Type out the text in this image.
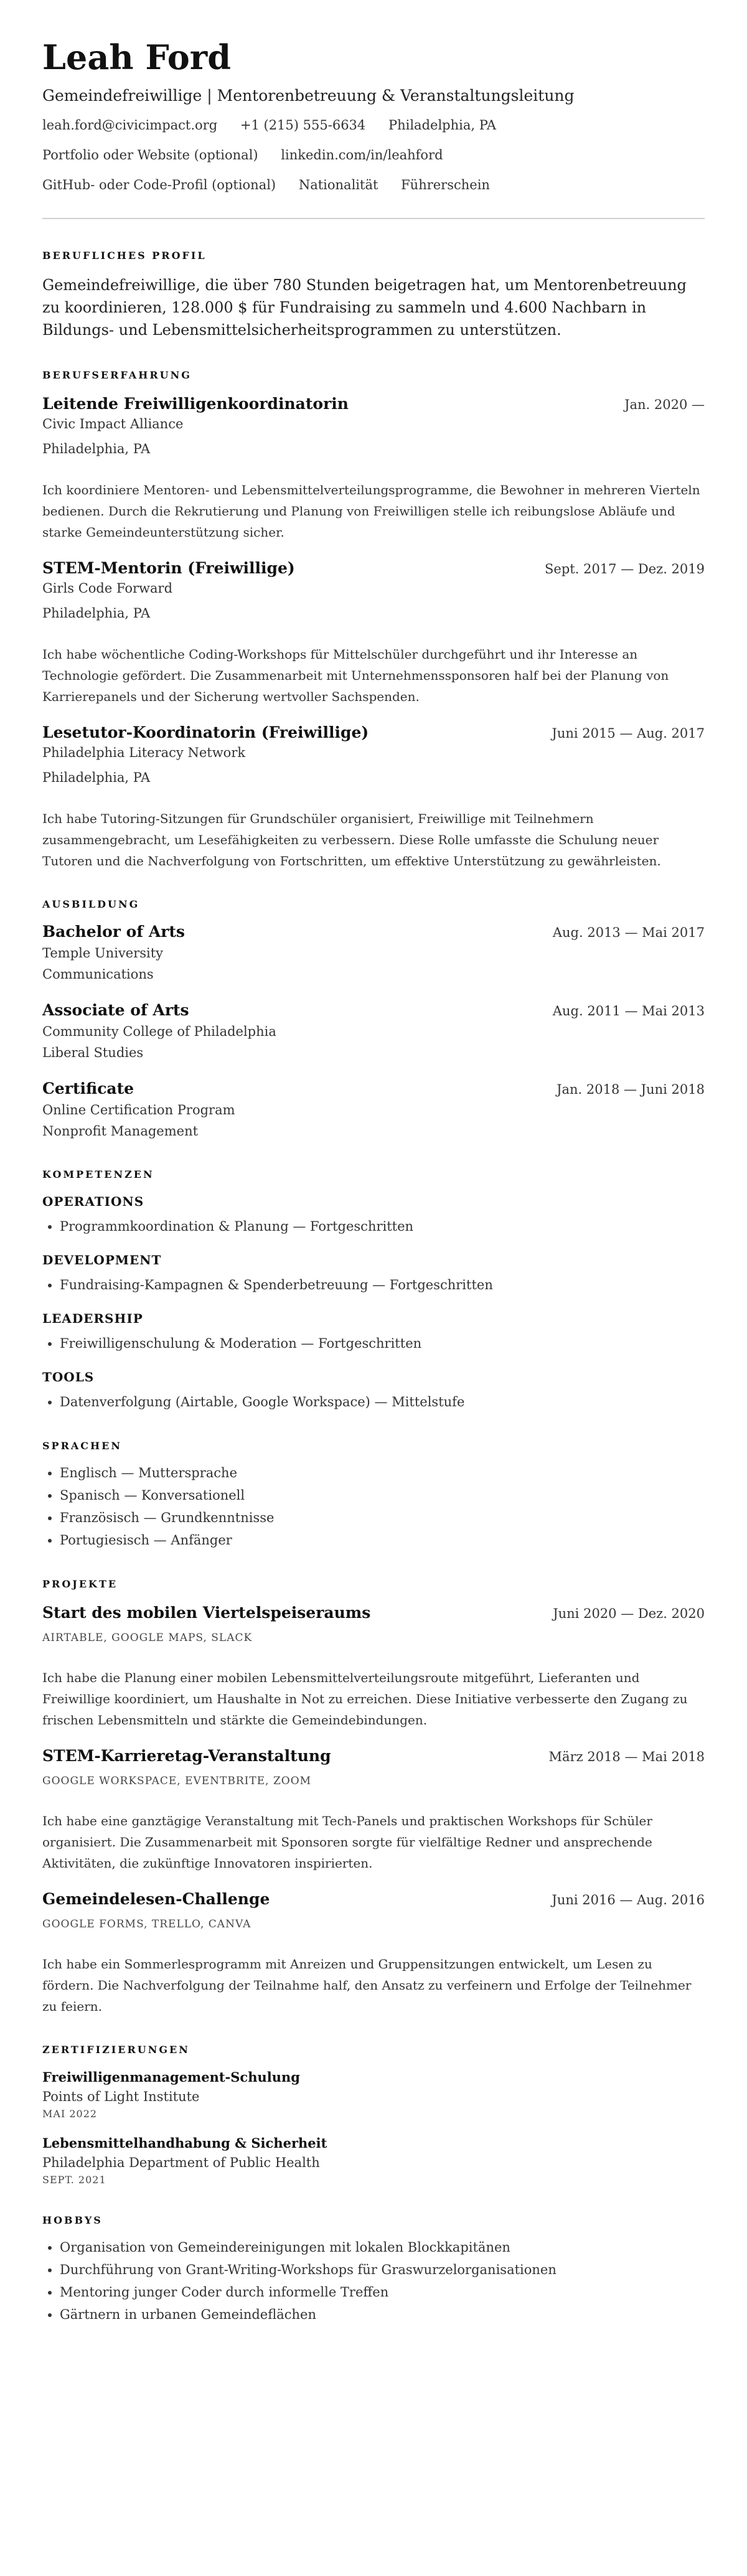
Leah Ford
Gemeindefreiwillige | Mentorenbetreuung & Veranstaltungsleitung
leah.ford@civicimpact.org +1 (215) 555-6634 Philadelphia, PA
Portfolio oder Website (optional) linkedin.com/in/leahford
GitHub- oder Code-Profil (optional) Nationalität Führerschein
BERUFLICHES PROFIL
Gemeindefreiwillige, die über 780 Stunden beigetragen hat, um Mentorenbetreuung zu koordinieren, 128.000 $ für Fundraising zu sammeln und 4.600 Nachbarn in Bildungs- und Lebensmittelsicherheitsprogrammen zu unterstützen.
BERUFSERFAHRUNG
Leitende Freiwilligenkoordinatorin	Jan. 2020 —
Civic Impact Alliance
Philadelphia, PA
Ich koordiniere Mentoren- und Lebensmittelverteilungsprogramme, die Bewohner in mehreren Vierteln bedienen. Durch die Rekrutierung und Planung von Freiwilligen stelle ich reibungslose Abläufe und starke Gemeindeunterstützung sicher.
STEM-Mentorin (Freiwillige)	Sept. 2017 — Dez. 2019
Girls Code Forward
Philadelphia, PA
Ich habe wöchentliche Coding-Workshops für Mittelschüler durchgeführt und ihr Interesse an Technologie gefördert. Die Zusammenarbeit mit Unternehmenssponsoren half bei der Planung von Karrierepanels und der Sicherung wertvoller Sachspenden.
Lesetutor-Koordinatorin (Freiwillige)	Juni 2015 — Aug. 2017
Philadelphia Literacy Network
Philadelphia, PA
Ich habe Tutoring-Sitzungen für Grundschüler organisiert, Freiwillige mit Teilnehmern zusammengebracht, um Lesefähigkeiten zu verbessern. Diese Rolle umfasste die Schulung neuer Tutoren und die Nachverfolgung von Fortschritten, um effektive Unterstützung zu gewährleisten.
AUSBILDUNG
Bachelor of Arts	Aug. 2013 — Mai 2017
Temple University
Communications
Associate of Arts	Aug. 2011 — Mai 2013
Community College of Philadelphia
Liberal Studies
Certificate	Jan. 2018 — Juni 2018
Online Certification Program
Nonprofit Management
KOMPETENZEN
OPERATIONS
• Programmkoordination & Planung — Fortgeschritten
DEVELOPMENT
• Fundraising-Kampagnen & Spenderbetreuung — Fortgeschritten
LEADERSHIP
• Freiwilligenschulung & Moderation — Fortgeschritten
TOOLS
• Datenverfolgung (Airtable, Google Workspace) — Mittelstufe
SPRACHEN
• Englisch — Muttersprache
• Spanisch — Konversationell
• Französisch — Grundkenntnisse
• Portugiesisch — Anfänger
PROJEKTE
Start des mobilen Viertelspeiseraums	Juni 2020 — Dez. 2020
AIRTABLE, GOOGLE MAPS, SLACK
Ich habe die Planung einer mobilen Lebensmittelverteilungsroute mitgeführt, Lieferanten und Freiwillige koordiniert, um Haushalte in Not zu erreichen. Diese Initiative verbesserte den Zugang zu frischen Lebensmitteln und stärkte die Gemeindebindungen.
STEM-Karrieretag-Veranstaltung	März 2018 — Mai 2018
GOOGLE WORKSPACE, EVENTBRITE, ZOOM
Ich habe eine ganztägige Veranstaltung mit Tech-Panels und praktischen Workshops für Schüler organisiert. Die Zusammenarbeit mit Sponsoren sorgte für vielfältige Redner und ansprechende Aktivitäten, die zukünftige Innovatoren inspirierten.
Gemeindelesen-Challenge	Juni 2016 — Aug. 2016
GOOGLE FORMS, TRELLO, CANVA
Ich habe ein Sommerlesprogramm mit Anreizen und Gruppensitzungen entwickelt, um Lesen zu fördern. Die Nachverfolgung der Teilnahme half, den Ansatz zu verfeinern und Erfolge der Teilnehmer zu feiern.
ZERTIFIZIERUNGEN
Freiwilligenmanagement-Schulung
Points of Light Institute
MAI 2022
Lebensmittelhandhabung & Sicherheit
Philadelphia Department of Public Health
SEPT. 2021
HOBBYS
• Organisation von Gemeindereinigungen mit lokalen Blockkapitänen
• Durchführung von Grant-Writing-Workshops für Graswurzelorganisationen
• Mentoring junger Coder durch informelle Treffen
• Gärtnern in urbanen Gemeindeflächen
